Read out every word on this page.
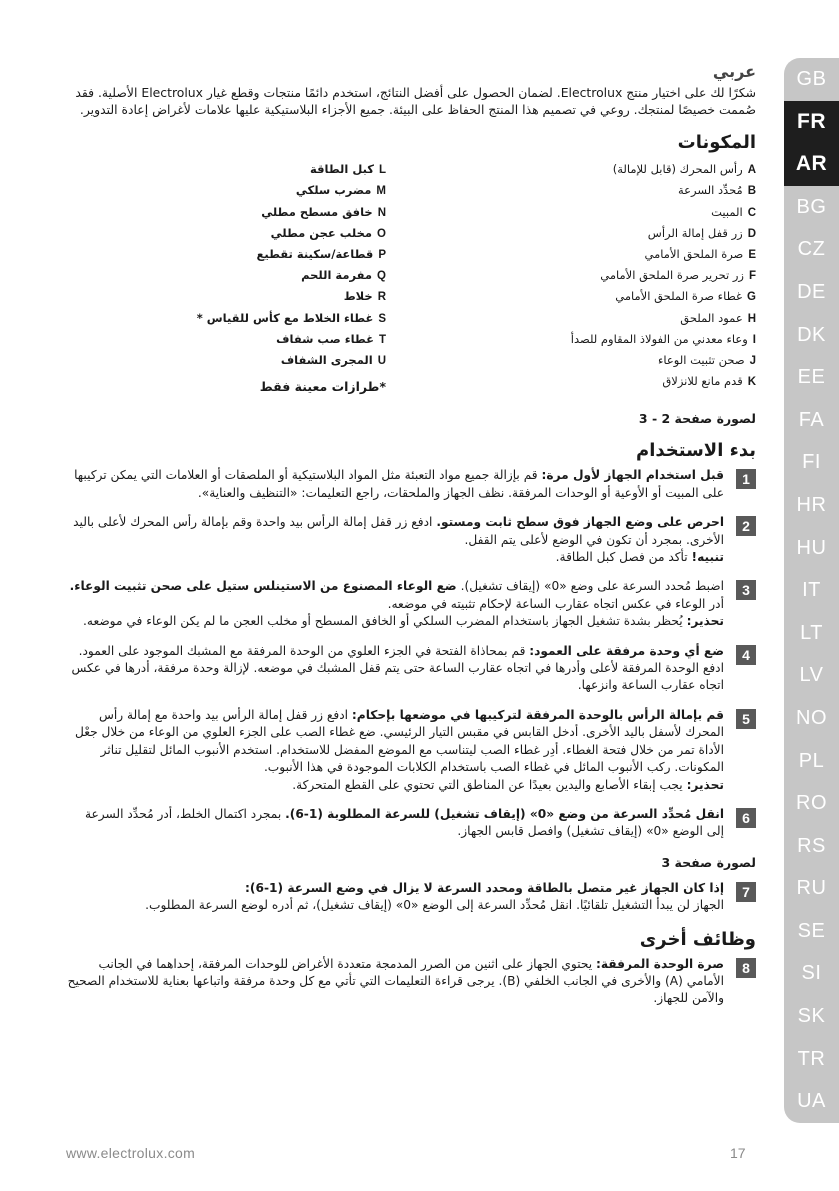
GB
FR
AR
BG
CZ
DE
DK
EE
FA
FI
HR
HU
IT
LT
LV
NO
PL
RO
RS
RU
SE
SI
SK
TR
UA
عربي

شكرًا لك على اختيار منتج Electrolux. لضمان الحصول على أفضل النتائج، استخدم دائمًا منتجات وقطع غيار Electrolux الأصلية. فقد صُممت خصيصًا لمنتجك. روعي في تصميم هذا المنتج الحفاظ على البيئة. جميع الأجزاء البلاستيكية عليها علامات لأغراض إعادة التدوير.

المكونات
Aرأس المحرك (قابل للإمالة)
Bمُحدِّد السرعة
Cالمبيت
Dزر قفل إمالة الرأس
Eصرة الملحق الأمامي
Fزر تحرير صرة الملحق الأمامي
Gغطاء صرة الملحق الأمامي
Hعمود الملحق
Iوعاء معدني من الفولاذ المقاوم للصدأ
Jصحن تثبيت الوعاء
Kقدم مانع للانزلاق
Lكبل الطاقة
Mمضرب سلكي
Nخافق مسطح مطلي
Oمخلب عجن مطلي
Pقطاعة/سكينة تقطيع
Qمفرمة اللحم
Rخلاط
Sغطاء الخلاط مع كأس للقياس *
Tغطاء صب شفاف
Uالمجرى الشفاف
*طرازات معينة فقط
لصورة صفحة 2 - 3
بدء الاستخدام
1

قبل استخدام الجهاز لأول مرة: قم بإزالة جميع مواد التعبئة مثل المواد البلاستيكية أو الملصقات أو العلامات التي يمكن تركيبها على المبيت أو الأوعية أو الوحدات المرفقة. نظف الجهاز والملحقات، راجع التعليمات: «التنظيف والعناية».

2

احرص على وضع الجهاز فوق سطح ثابت ومستو. ادفع زر قفل إمالة الرأس بيد واحدة وقم بإمالة رأس المحرك لأعلى باليد الأخرى. بمجرد أن تكون في الوضع لأعلى يتم القفل.

تنبيه! تأكد من فصل كبل الطاقة.

3

اضبط مُحدد السرعة على وضع «0» (إيقاف تشغيل). ضع الوعاء المصنوع من الاستينلس ستيل على صحن تثبيت الوعاء. أدر الوعاء في عكس اتجاه عقارب الساعة لإحكام تثبيته في موضعه.

تحذير: يُحظر بشدة تشغيل الجهاز باستخدام المضرب السلكي أو الخافق المسطح أو مخلب العجن ما لم يكن الوعاء في موضعه.

4

ضع أي وحدة مرفقة على العمود: قم بمحاذاة الفتحة في الجزء العلوي من الوحدة المرفقة مع المشبك الموجود على العمود. ادفع الوحدة المرفقة لأعلى وأدرها في اتجاه عقارب الساعة حتى يتم قفل المشبك في موضعه. لإزالة وحدة مرفقة، أدرها في عكس اتجاه عقارب الساعة وانزعها.

5

قم بإمالة الرأس بالوحدة المرفقة لتركيبها في موضعها بإحكام: ادفع زر قفل إمالة الرأس بيد واحدة مع إمالة رأس المحرك لأسفل باليد الأخرى. أدخل القابس في مقبس التيار الرئيسي. ضع غطاء الصب على الجزء العلوي من الوعاء من خلال جعْل الأداة تمر من خلال فتحة الغطاء. أدِر غطاء الصب ليتناسب مع الموضع المفضل للاستخدام. استخدم الأنبوب المائل لتقليل تناثر المكونات. ركب الأنبوب المائل في غطاء الصب باستخدام الكلابات الموجودة في هذا الأنبوب.

تحذير: يجب إبقاء الأصابع واليدين بعيدًا عن المناطق التي تحتوي على القطع المتحركة.

6

انقل مُحدِّد السرعة من وضع «0» (إيقاف تشغيل) للسرعة المطلوبة (1-6). بمجرد اكتمال الخلط، أدر مُحدِّد السرعة إلى الوضع «0» (إيقاف تشغيل) وافصل قابس الجهاز.

لصورة صفحة 3
7

إذا كان الجهاز غير متصل بالطاقة ومحدد السرعة لا يزال في وضع السرعة (1-6):

الجهاز لن يبدأ التشغيل تلقائيًا. انقل مُحدِّد السرعة إلى الوضع «0» (إيقاف تشغيل)، ثم أدره لوضع السرعة المطلوب.

وظائف أخرى
8

صرة الوحدة المرفقة: يحتوي الجهاز على اثنين من الصرر المدمجة متعددة الأغراض للوحدات المرفقة، إحداهما في الجانب الأمامي (A) والأخرى في الجانب الخلفي (B). يرجى قراءة التعليمات التي تأتي مع كل وحدة مرفقة واتباعها بعناية للاستخدام الصحيح والآمن للجهاز.

www.electrolux.com	17
